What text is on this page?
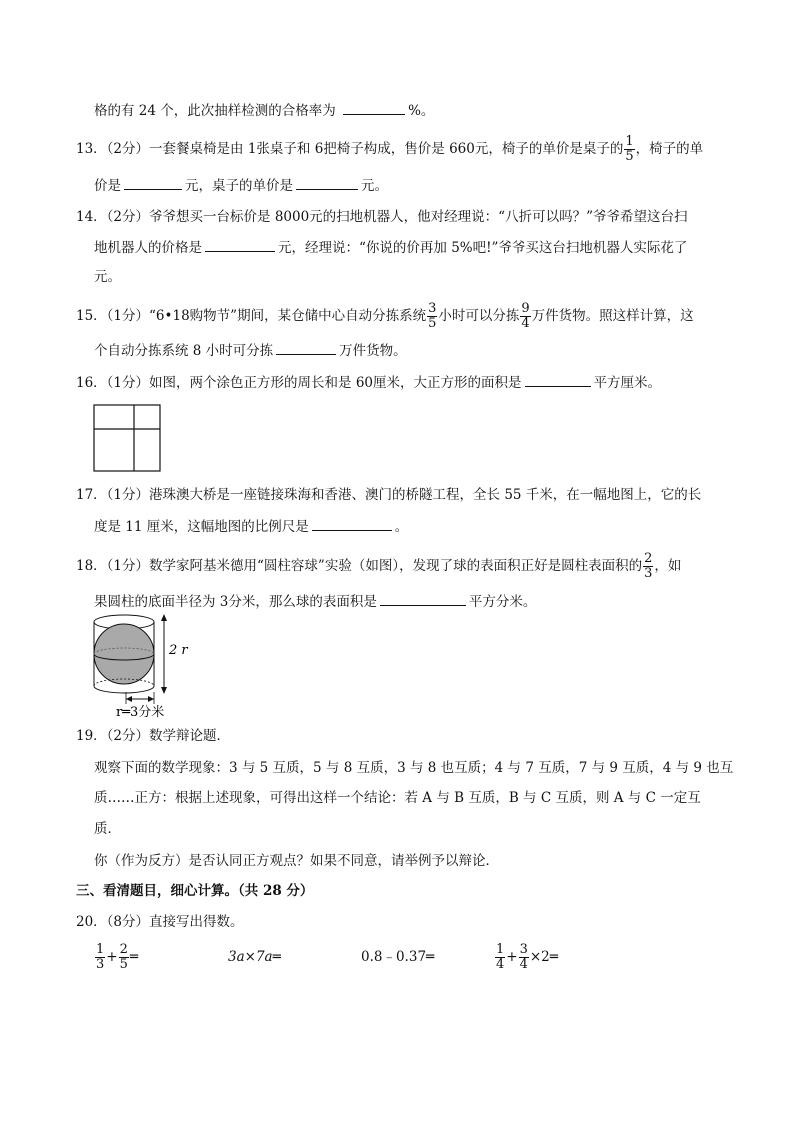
格的有 24 个，此次抽样检测的合格率为	%。
13．（2分）一套餐桌椅是由 1张桌子和 6把椅子构成，售价是 660元，椅子的单价是桌子的 $\frac{1}{5}$ ，椅子的单
价是	元，桌子的单价是	元。
14．（2分）爷爷想买一台标价是 8000元的扫地机器人，他对经理说：“八折可以吗？”爷爷希望这台扫
地机器人的价格是	元，经理说：“你说的价再加 5%吧!”爷爷买这台扫地机器人实际花了
元。
15．（1分）“6•18购物节”期间，某仓储中心自动分拣系统 $\frac{3}{5}$ 小时可以分拣 $\frac{9}{4}$ 万件货物。照这样计算，这
个自动分拣系统 8 小时可分拣	万件货物。
16．（1分）如图，两个涂色正方形的周长和是 60厘米，大正方形的面积是	平方厘米。
17．（1分）港珠澳大桥是一座链接珠海和香港、澳门的桥隧工程，全长 55 千米，在一幅地图上，它的长
度是 11 厘米，这幅地图的比例尺是	。
18．（1分）数学家阿基米德用“圆柱容球”实验（如图），发现了球的表面积正好是圆柱表面积的 $\frac{2}{3}$ ，如
果圆柱的底面半径为 3分米，那么球的表面积是	平方分米。
2 r
r═3分米
19．（2分）数学辩论题．
观察下面的数学现象：3 与 5 互质，5 与 8 互质，3 与 8 也互质；4 与 7 互质，7 与 9 互质，4 与 9 也互
质……正方：根据上述现象，可得出这样一个结论：若 A 与 B 互质，B 与 C 互质，则 A 与 C 一定互
质．
你（作为反方）是否认同正方观点？如果不同意，请举例予以辩论．
三、看清题目，细心计算。（共 28 分）
20．（8分）直接写出得数。
$\frac{1}{3} + \frac{2}{5}$ ═	3a×7a═	0.8﹣0.37═	$\frac{1}{4} + \frac{3}{4}$ ×2═
